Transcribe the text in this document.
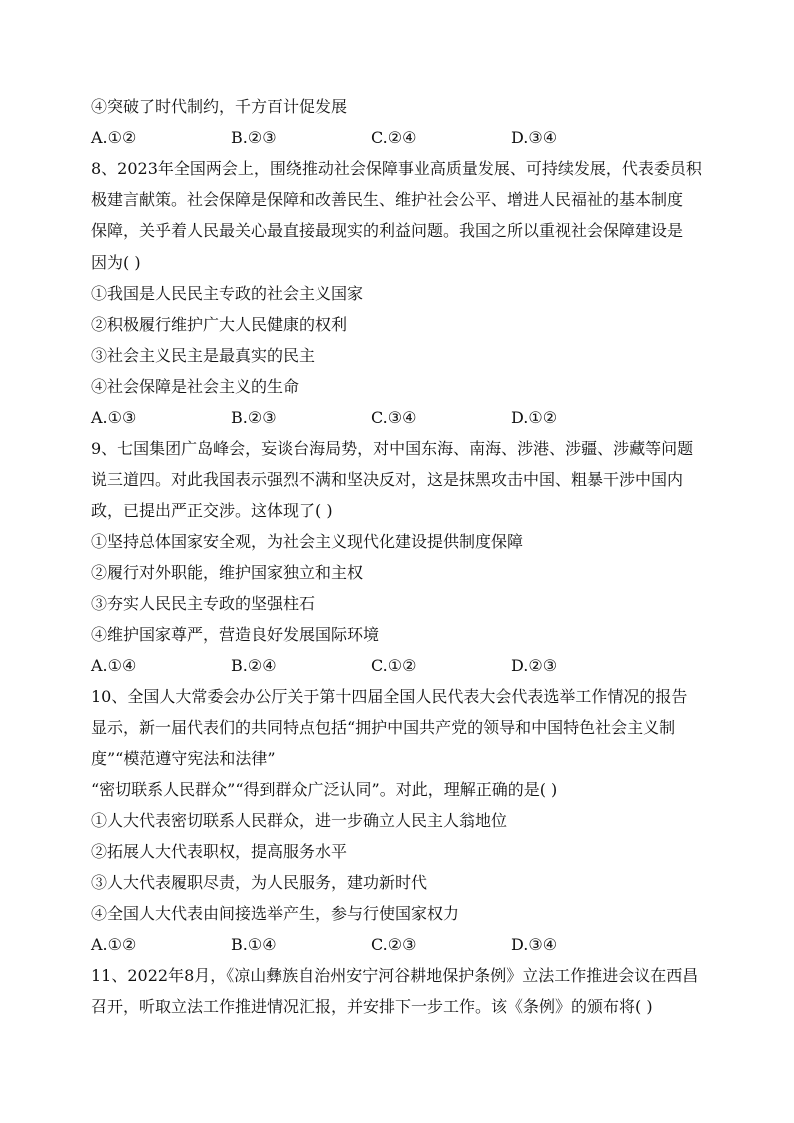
④突破了时代制约，千方百计促发展
A.①②	B.②③	C.②④	D.③④
8、2023年全国两会上，围绕推动社会保障事业高质量发展、可持续发展，代表委员积
极建言献策。社会保障是保障和改善民生、维护社会公平、增进人民福祉的基本制度
保障，关乎着人民最关心最直接最现实的利益问题。我国之所以重视社会保障建设是
因为( )
①我国是人民民主专政的社会主义国家
②积极履行维护广大人民健康的权利
③社会主义民主是最真实的民主
④社会保障是社会主义的生命
A.①③	B.②③	C.③④	D.①②
9、七国集团广岛峰会，妄谈台海局势，对中国东海、南海、涉港、涉疆、涉藏等问题
说三道四。对此我国表示强烈不满和坚决反对，这是抹黑攻击中国、粗暴干涉中国内
政，已提出严正交涉。这体现了( )
①坚持总体国家安全观，为社会主义现代化建设提供制度保障
②履行对外职能，维护国家独立和主权
③夯实人民民主专政的坚强柱石
④维护国家尊严，营造良好发展国际环境
A.①④	B.②④	C.①②	D.②③
10、全国人大常委会办公厅关于第十四届全国人民代表大会代表选举工作情况的报告
显示，新一届代表们的共同特点包括“拥护中国共产党的领导和中国特色社会主义制
度”“模范遵守宪法和法律”
“密切联系人民群众”“得到群众广泛认同”。对此，理解正确的是( )
①人大代表密切联系人民群众，进一步确立人民主人翁地位
②拓展人大代表职权，提高服务水平
③人大代表履职尽责，为人民服务，建功新时代
④全国人大代表由间接选举产生，参与行使国家权力
A.①②	B.①④	C.②③	D.③④
11、2022年8月，《凉山彝族自治州安宁河谷耕地保护条例》立法工作推进会议在西昌
召开，听取立法工作推进情况汇报，并安排下一步工作。该《条例》的颁布将( )
